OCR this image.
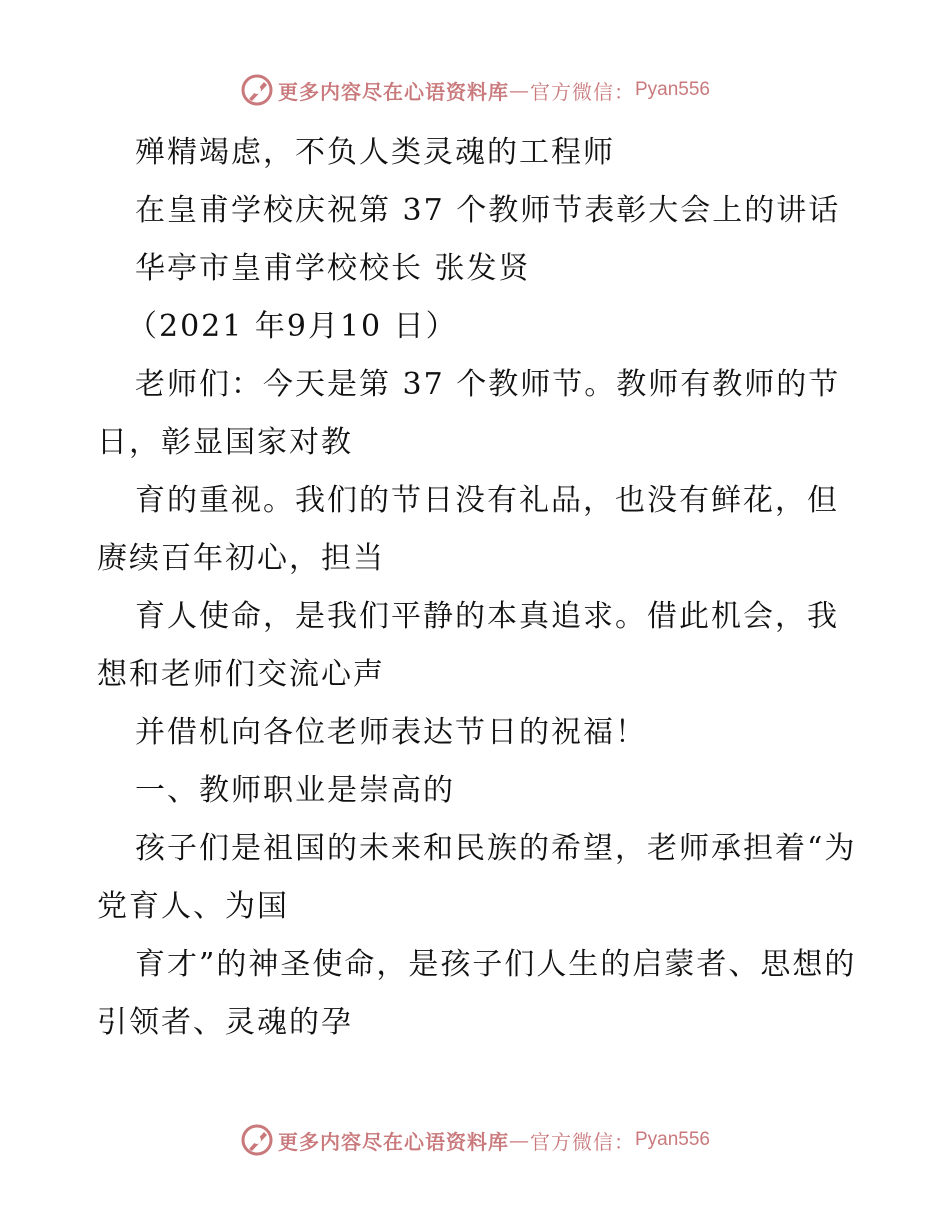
更多内容尽在心语资料库 — 官方微信： Pyan556

殚精竭虑，不负人类灵魂的工程师

在皇甫学校庆祝第 37 个教师节表彰大会上的讲话

华亭市皇甫学校校长 张发贤

（2021 年9月10 日）

老师们：今天是第 37 个教师节。教师有教师的节日，彰显国家对教

育的重视。我们的节日没有礼品，也没有鲜花，但赓续百年初心，担当

育人使命，是我们平静的本真追求。借此机会，我想和老师们交流心声

并借机向各位老师表达节日的祝福！

一、教师职业是崇高的

孩子们是祖国的未来和民族的希望，老师承担着“为党育人、为国

育才”的神圣使命，是孩子们人生的启蒙者、思想的引领者、灵魂的孕

更多内容尽在心语资料库 — 官方微信： Pyan556
